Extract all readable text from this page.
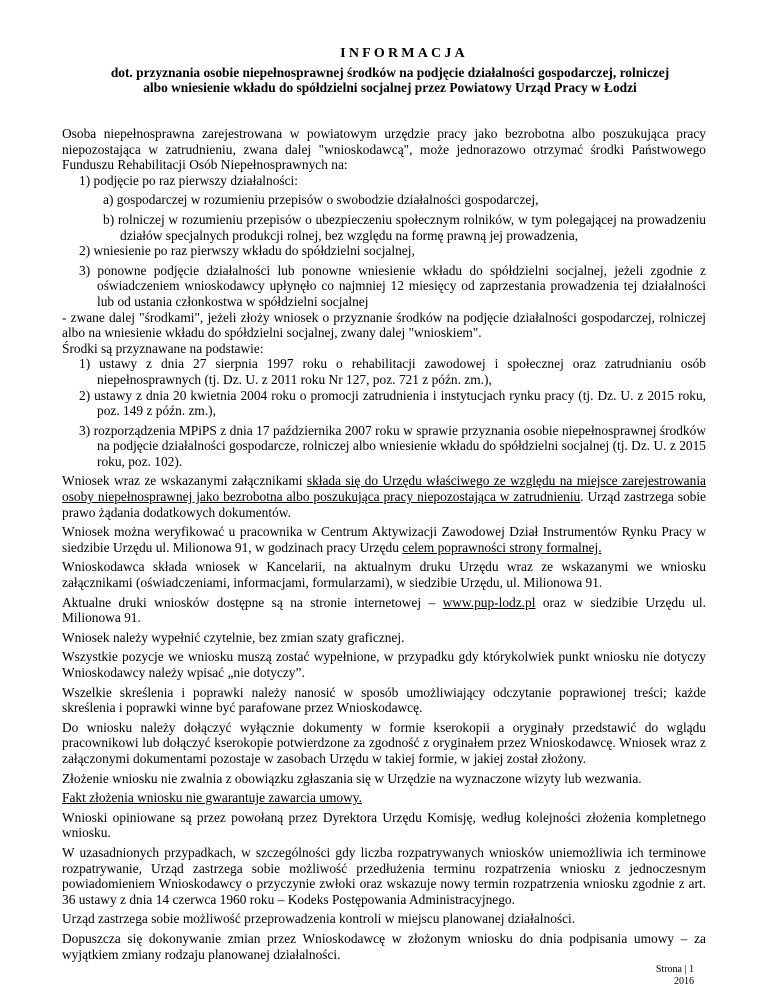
INFORMACJA
dot. przyznania osobie niepełnosprawnej środków na podjęcie działalności gospodarczej, rolniczej
albo wniesienie wkładu do spółdzielni socjalnej przez Powiatowy Urząd Pracy w Łodzi

Osoba niepełnosprawna zarejestrowana w powiatowym urzędzie pracy jako bezrobotna albo poszukująca pracy niepozostająca w zatrudnieniu, zwana dalej "wnioskodawcą", może jednorazowo otrzymać środki Państwowego Funduszu Rehabilitacji Osób Niepełnosprawnych na:

1) podjęcie po raz pierwszy działalności:

a) gospodarczej w rozumieniu przepisów o swobodzie działalności gospodarczej,

b) rolniczej w rozumieniu przepisów o ubezpieczeniu społecznym rolników, w tym polegającej na prowadzeniu działów specjalnych produkcji rolnej, bez względu na formę prawną jej prowadzenia,

2) wniesienie po raz pierwszy wkładu do spółdzielni socjalnej,

3) ponowne podjęcie działalności lub ponowne wniesienie wkładu do spółdzielni socjalnej, jeżeli zgodnie z oświadczeniem wnioskodawcy upłynęło co najmniej 12 miesięcy od zaprzestania prowadzenia tej działalności lub od ustania członkostwa w spółdzielni socjalnej

- zwane dalej "środkami", jeżeli złoży wniosek o przyznanie środków na podjęcie działalności gospodarczej, rolniczej albo na wniesienie wkładu do spółdzielni socjalnej, zwany dalej "wnioskiem".

Środki są przyznawane na podstawie:

1) ustawy z dnia 27 sierpnia 1997 roku o rehabilitacji zawodowej i społecznej oraz zatrudnianiu osób niepełnosprawnych (tj. Dz. U. z 2011 roku Nr 127, poz. 721 z późn. zm.),

2) ustawy z dnia 20 kwietnia 2004 roku o promocji zatrudnienia i instytucjach rynku pracy (tj. Dz. U. z 2015 roku, poz. 149 z późn. zm.),

3) rozporządzenia MPiPS z dnia 17 października 2007 roku w sprawie przyznania osobie niepełnosprawnej środków na podjęcie działalności gospodarcze, rolniczej albo wniesienie wkładu do spółdzielni socjalnej (tj. Dz. U. z 2015 roku, poz. 102).

Wniosek wraz ze wskazanymi załącznikami składa się do Urzędu właściwego ze względu na miejsce zarejestrowania osoby niepełnosprawnej jako bezrobotna albo poszukująca pracy niepozostająca w zatrudnieniu. Urząd zastrzega sobie prawo żądania dodatkowych dokumentów.

Wniosek można weryfikować u pracownika w Centrum Aktywizacji Zawodowej Dział Instrumentów Rynku Pracy w siedzibie Urzędu ul. Milionowa 91, w godzinach pracy Urzędu celem poprawności strony formalnej.

Wnioskodawca składa wniosek w Kancelarii, na aktualnym druku Urzędu wraz ze wskazanymi we wniosku załącznikami (oświadczeniami, informacjami, formularzami), w siedzibie Urzędu, ul. Milionowa 91.

Aktualne druki wniosków dostępne są na stronie internetowej – www.pup-lodz.pl oraz w siedzibie Urzędu ul. Milionowa 91.

Wniosek należy wypełnić czytelnie, bez zmian szaty graficznej.

Wszystkie pozycje we wniosku muszą zostać wypełnione, w przypadku gdy którykolwiek punkt wniosku nie dotyczy Wnioskodawcy należy wpisać „nie dotyczy”.

Wszelkie skreślenia i poprawki należy nanosić w sposób umożliwiający odczytanie poprawionej treści; każde skreślenia i poprawki winne być parafowane przez Wnioskodawcę.

Do wniosku należy dołączyć wyłącznie dokumenty w formie kserokopii a oryginały przedstawić do wglądu pracownikowi lub dołączyć kserokopie potwierdzone za zgodność z oryginałem przez Wnioskodawcę. Wniosek wraz z załączonymi dokumentami pozostaje w zasobach Urzędu w takiej formie, w jakiej został złożony.

Złożenie wniosku nie zwalnia z obowiązku zgłaszania się w Urzędzie na wyznaczone wizyty lub wezwania.

Fakt złożenia wniosku nie gwarantuje zawarcia umowy.

Wnioski opiniowane są przez powołaną przez Dyrektora Urzędu Komisję, według kolejności złożenia kompletnego wniosku.

W uzasadnionych przypadkach, w szczególności gdy liczba rozpatrywanych wniosków uniemożliwia ich terminowe rozpatrywanie, Urząd zastrzega sobie możliwość przedłużenia terminu rozpatrzenia wniosku z jednoczesnym powiadomieniem Wnioskodawcy o przyczynie zwłoki oraz wskazuje nowy termin rozpatrzenia wniosku zgodnie z art. 36 ustawy z dnia 14 czerwca 1960 roku – Kodeks Postępowania Administracyjnego.

Urząd zastrzega sobie możliwość przeprowadzenia kontroli w miejscu planowanej działalności.

Dopuszcza się dokonywanie zmian przez Wnioskodawcę w złożonym wniosku do dnia podpisania umowy – za wyjątkiem zmiany rodzaju planowanej działalności.

Strona | 1
2016
